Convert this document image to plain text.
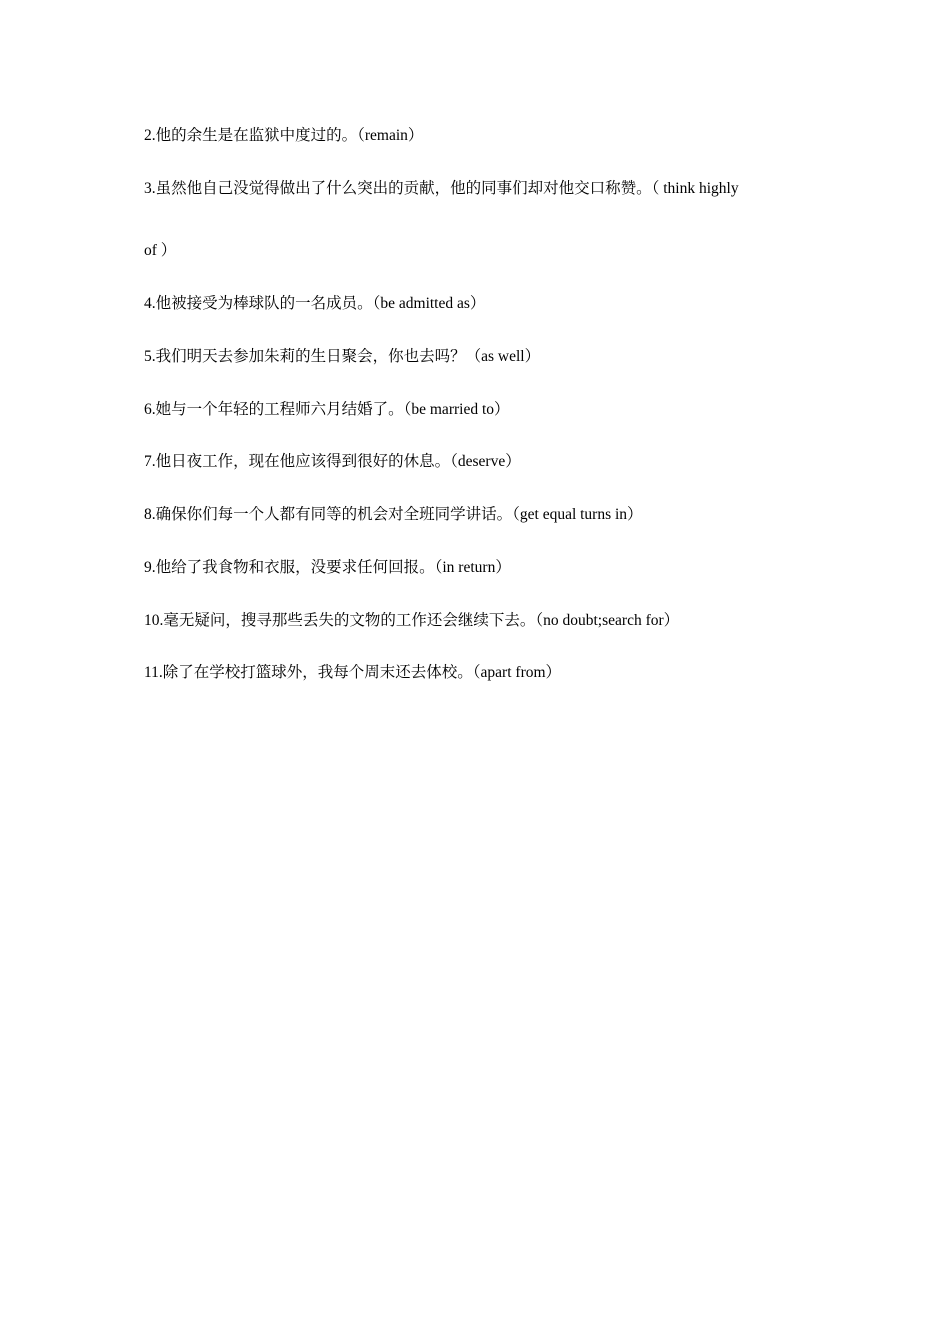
2.他的余生是在监狱中度过的。（remain）
3.虽然他自己没觉得做出了什么突出的贡献，他的同事们却对他交口称赞。（ think highly
of ）
4.他被接受为棒球队的一名成员。（be admitted as）
5.我们明天去参加朱莉的生日聚会，你也去吗？（as well）
6.她与一个年轻的工程师六月结婚了。（be married to）
7.他日夜工作，现在他应该得到很好的休息。（deserve）
8.确保你们每一个人都有同等的机会对全班同学讲话。（get equal turns in）
9.他给了我食物和衣服，没要求任何回报。（in return）
10.毫无疑问，搜寻那些丢失的文物的工作还会继续下去。（no doubt;search for）
11.除了在学校打篮球外，我每个周末还去体校。（apart from）
